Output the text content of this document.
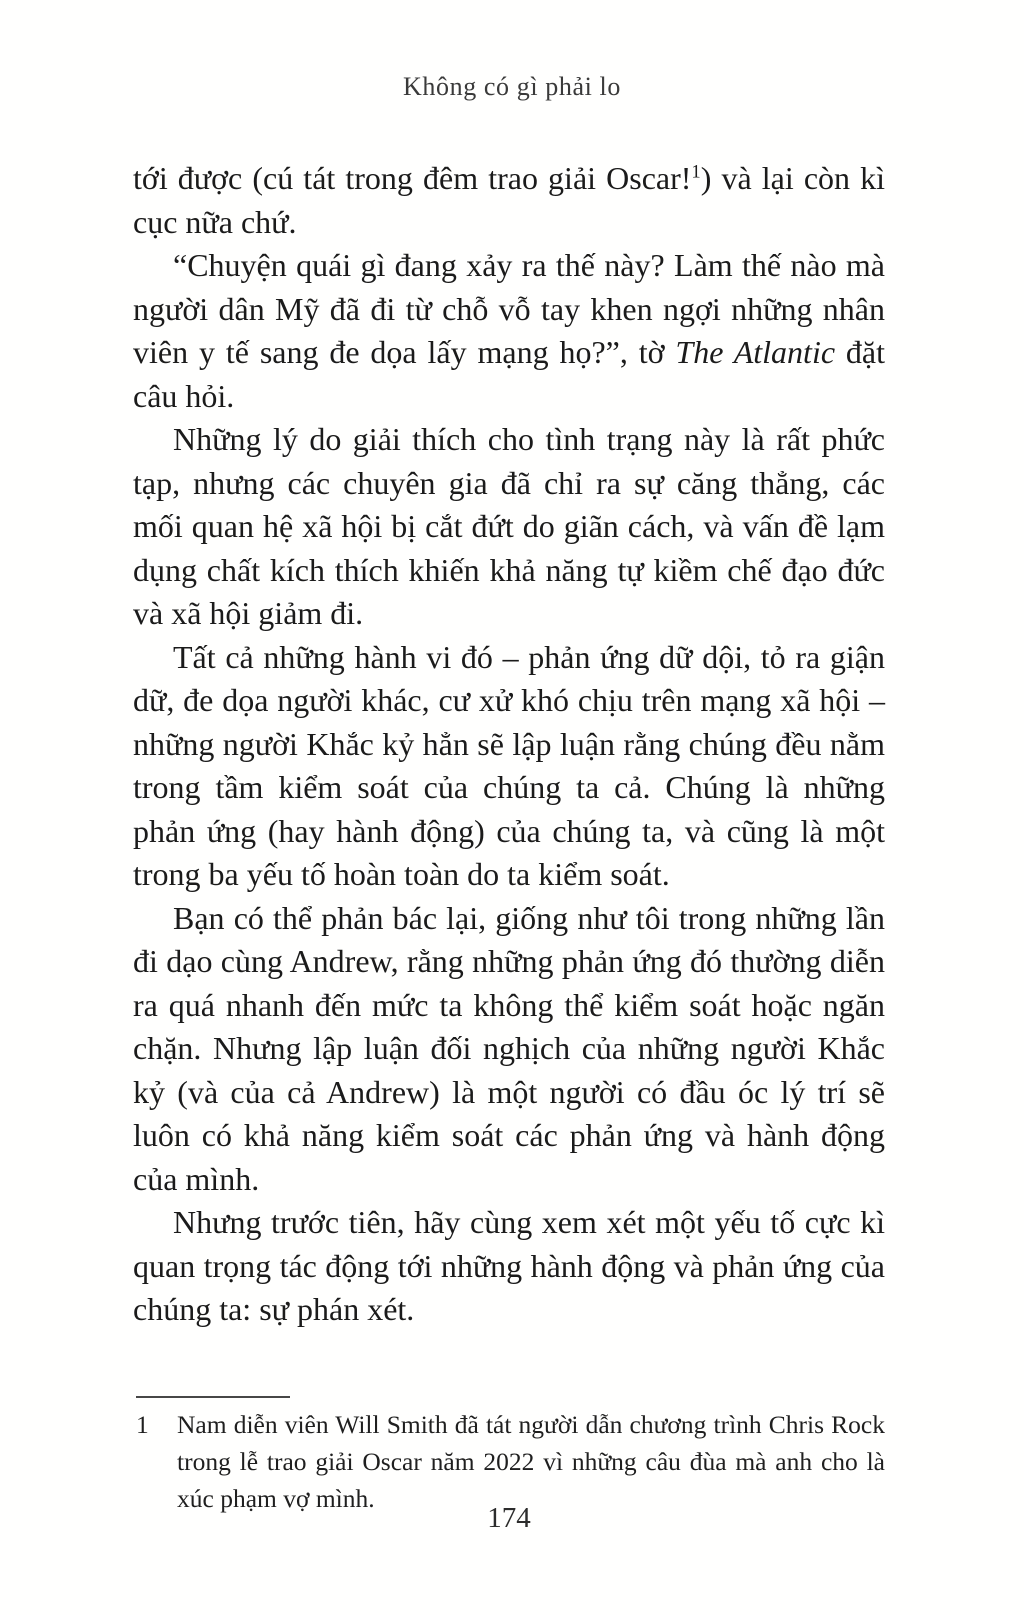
Không có gì phải lo

tới được (cú tát trong đêm trao giải Oscar!$^1$) và lại còn kì cục nữa chứ.

“Chuyện quái gì đang xảy ra thế này? Làm thế nào mà người dân Mỹ đã đi từ chỗ vỗ tay khen ngợi những nhân viên y tế sang đe dọa lấy mạng họ?”, tờ The Atlantic đặt câu hỏi.

Những lý do giải thích cho tình trạng này là rất phức tạp, nhưng các chuyên gia đã chỉ ra sự căng thẳng, các mối quan hệ xã hội bị cắt đứt do giãn cách, và vấn đề lạm dụng chất kích thích khiến khả năng tự kiềm chế đạo đức và xã hội giảm đi.

Tất cả những hành vi đó – phản ứng dữ dội, tỏ ra giận dữ, đe dọa người khác, cư xử khó chịu trên mạng xã hội – những người Khắc kỷ hẳn sẽ lập luận rằng chúng đều nằm trong tầm kiểm soát của chúng ta cả. Chúng là những phản ứng (hay hành động) của chúng ta, và cũng là một trong ba yếu tố hoàn toàn do ta kiểm soát.

Bạn có thể phản bác lại, giống như tôi trong những lần đi dạo cùng Andrew, rằng những phản ứng đó thường diễn ra quá nhanh đến mức ta không thể kiểm soát hoặc ngăn chặn. Nhưng lập luận đối nghịch của những người Khắc kỷ (và của cả Andrew) là một người có đầu óc lý trí sẽ luôn có khả năng kiểm soát các phản ứng và hành động của mình.

Nhưng trước tiên, hãy cùng xem xét một yếu tố cực kì quan trọng tác động tới những hành động và phản ứng của chúng ta: sự phán xét.

1 Nam diễn viên Will Smith đã tát người dẫn chương trình Chris Rock trong lễ trao giải Oscar năm 2022 vì những câu đùa mà anh cho là xúc phạm vợ mình.
174
